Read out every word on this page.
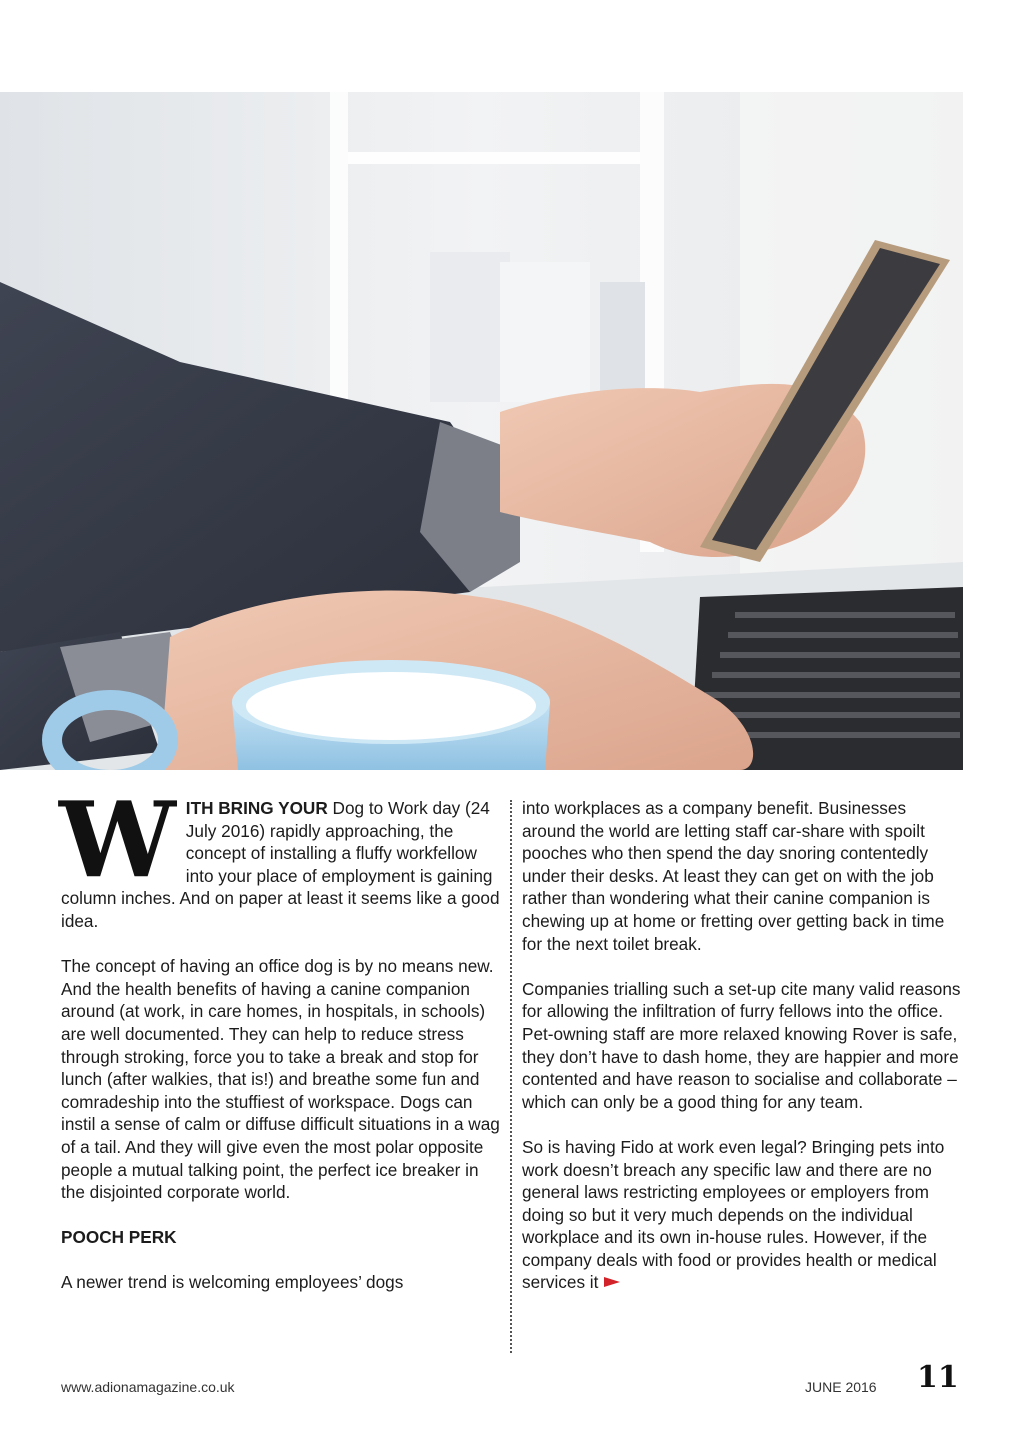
WITH BRING YOUR Dog to Work day (24 July 2016) rapidly approaching, the concept of installing a fluffy workfellow into your place of employment is gaining column inches. And on paper at least it seems like a good idea.

The concept of having an office dog is by no means new. And the health benefits of having a canine companion around (at work, in care homes, in hospitals, in schools) are well documented. They can help to reduce stress through stroking, force you to take a break and stop for lunch (after walkies, that is!) and breathe some fun and comradeship into the stuffiest of workspace. Dogs can instil a sense of calm or diffuse difficult situations in a wag of a tail. And they will give even the most polar opposite people a mutual talking point, the perfect ice breaker in the disjointed corporate world.

POOCH PERK

A newer trend is welcoming employees’ dogs

into workplaces as a company benefit. Businesses around the world are letting staff car-share with spoilt pooches who then spend the day snoring contentedly under their desks. At least they can get on with the job rather than wondering what their canine companion is chewing up at home or fretting over getting back in time for the next toilet break.

Companies trialling such a set-up cite many valid reasons for allowing the infiltration of furry fellows into the office. Pet-owning staff are more relaxed knowing Rover is safe, they don’t have to dash home, they are happier and more contented and have reason to socialise and collaborate – which can only be a good thing for any team.

So is having Fido at work even legal? Bringing pets into work doesn’t breach any specific law and there are no general laws restricting employees or employers from doing so but it very much depends on the individual workplace and its own in-house rules. However, if the company deals with food or provides health or medical services it

www.adionamagazine.co.uk	JUNE 2016 11
